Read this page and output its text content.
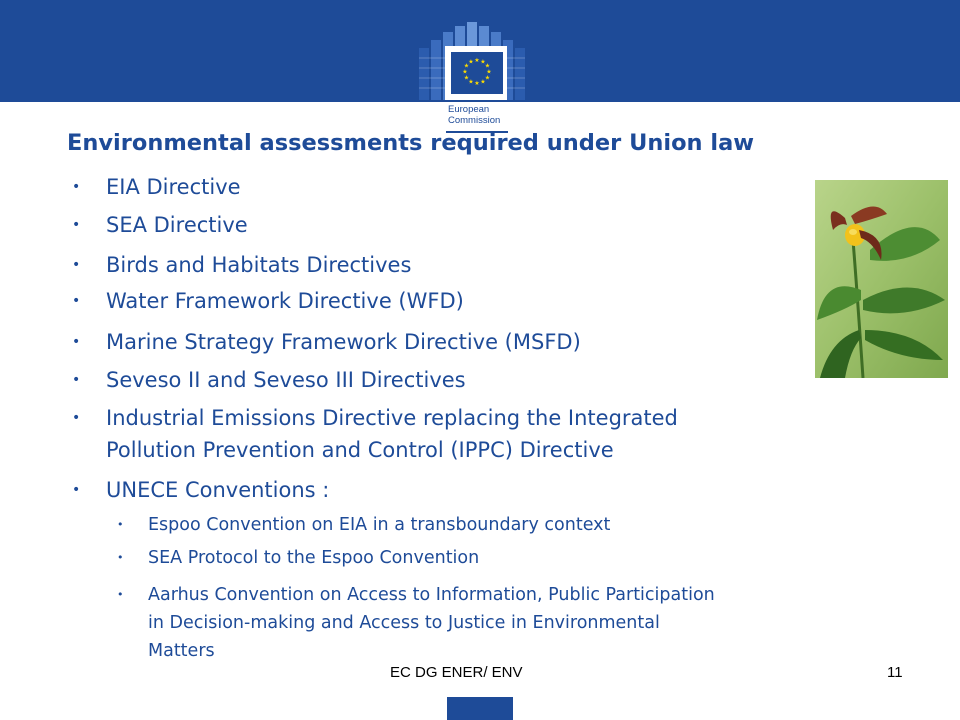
★ ★
★
★
★
★
★
★
★
★
★
★
European
Commission
Environmental assessments required under Union law
• EIA Directive
• SEA Directive
• Birds and Habitats Directives
• Water Framework Directive (WFD)
• Marine Strategy Framework Directive (MSFD)
• Seveso II and Seveso III Directives
• Industrial Emissions Directive replacing the Integrated
Pollution Prevention and Control (IPPC) Directive
• UNECE Conventions :
• Espoo Convention on EIA in a transboundary context
• SEA Protocol to the Espoo Convention
• Aarhus Convention on Access to Information, Public Participation
in Decision-making and Access to Justice in Environmental
Matters
EC DG ENER/ ENV	11
